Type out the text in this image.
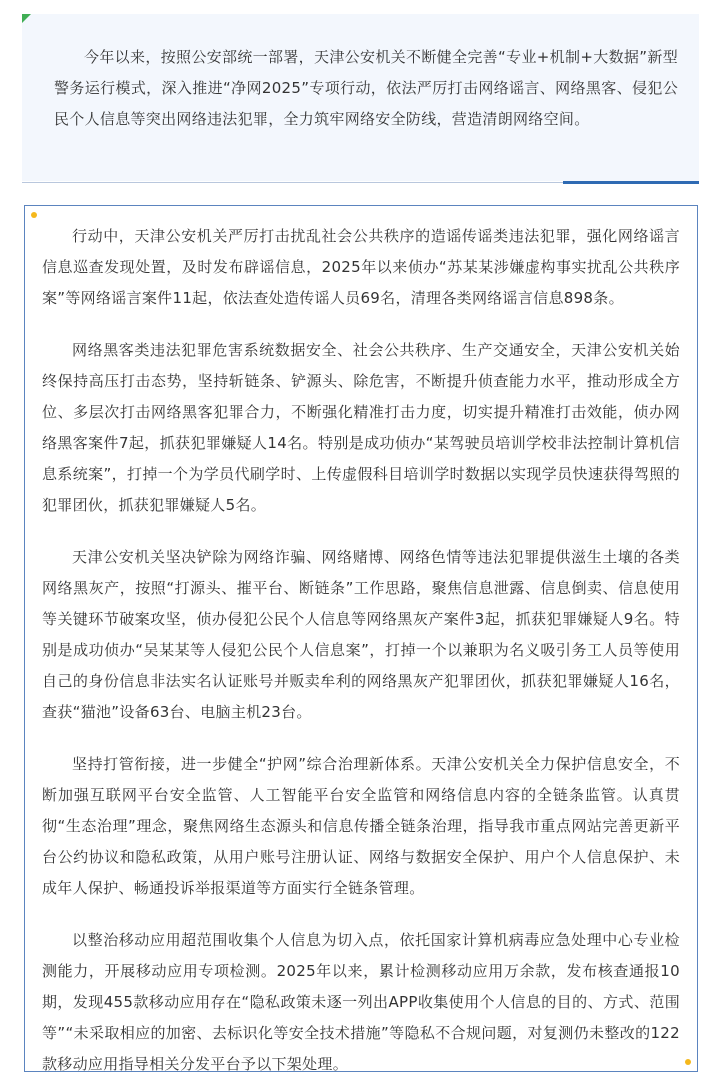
今年以来，按照公安部统一部署，天津公安机关不断健全完善“专业+机制+大数据”新型警务运行模式，深入推进“净网2025”专项行动，依法严厉打击网络谣言、网络黑客、侵犯公民个人信息等突出网络违法犯罪，全力筑牢网络安全防线，营造清朗网络空间。

行动中，天津公安机关严厉打击扰乱社会公共秩序的造谣传谣类违法犯罪，强化网络谣言信息巡查发现处置，及时发布辟谣信息，2025年以来侦办“苏某某涉嫌虚构事实扰乱公共秩序案”等网络谣言案件11起，依法查处造传谣人员69名，清理各类网络谣言信息898条。

网络黑客类违法犯罪危害系统数据安全、社会公共秩序、生产交通安全，天津公安机关始终保持高压打击态势，坚持斩链条、铲源头、除危害，不断提升侦查能力水平，推动形成全方位、多层次打击网络黑客犯罪合力，不断强化精准打击力度，切实提升精准打击效能，侦办网络黑客案件7起，抓获犯罪嫌疑人14名。特别是成功侦办“某驾驶员培训学校非法控制计算机信息系统案”，打掉一个为学员代刷学时、上传虚假科目培训学时数据以实现学员快速获得驾照的犯罪团伙，抓获犯罪嫌疑人5名。

天津公安机关坚决铲除为网络诈骗、网络赌博、网络色情等违法犯罪提供滋生土壤的各类网络黑灰产，按照“打源头、摧平台、断链条”工作思路，聚焦信息泄露、信息倒卖、信息使用等关键环节破案攻坚，侦办侵犯公民个人信息等网络黑灰产案件3起，抓获犯罪嫌疑人9名。特别是成功侦办“吴某某等人侵犯公民个人信息案”，打掉一个以兼职为名义吸引务工人员等使用自己的身份信息非法实名认证账号并贩卖牟利的网络黑灰产犯罪团伙，抓获犯罪嫌疑人16名，查获“猫池”设备63台、电脑主机23台。

坚持打管衔接，进一步健全“护网”综合治理新体系。天津公安机关全力保护信息安全，不断加强互联网平台安全监管、人工智能平台安全监管和网络信息内容的全链条监管。认真贯彻“生态治理”理念，聚焦网络生态源头和信息传播全链条治理，指导我市重点网站完善更新平台公约协议和隐私政策，从用户账号注册认证、网络与数据安全保护、用户个人信息保护、未成年人保护、畅通投诉举报渠道等方面实行全链条管理。

以整治移动应用超范围收集个人信息为切入点，依托国家计算机病毒应急处理中心专业检测能力，开展移动应用专项检测。2025年以来，累计检测移动应用万余款，发布核查通报10期，发现455款移动应用存在“隐私政策未逐一列出APP收集使用个人信息的目的、方式、范围等”“未采取相应的加密、去标识化等安全技术措施”等隐私不合规问题，对复测仍未整改的122款移动应用指导相关分发平台予以下架处理。
